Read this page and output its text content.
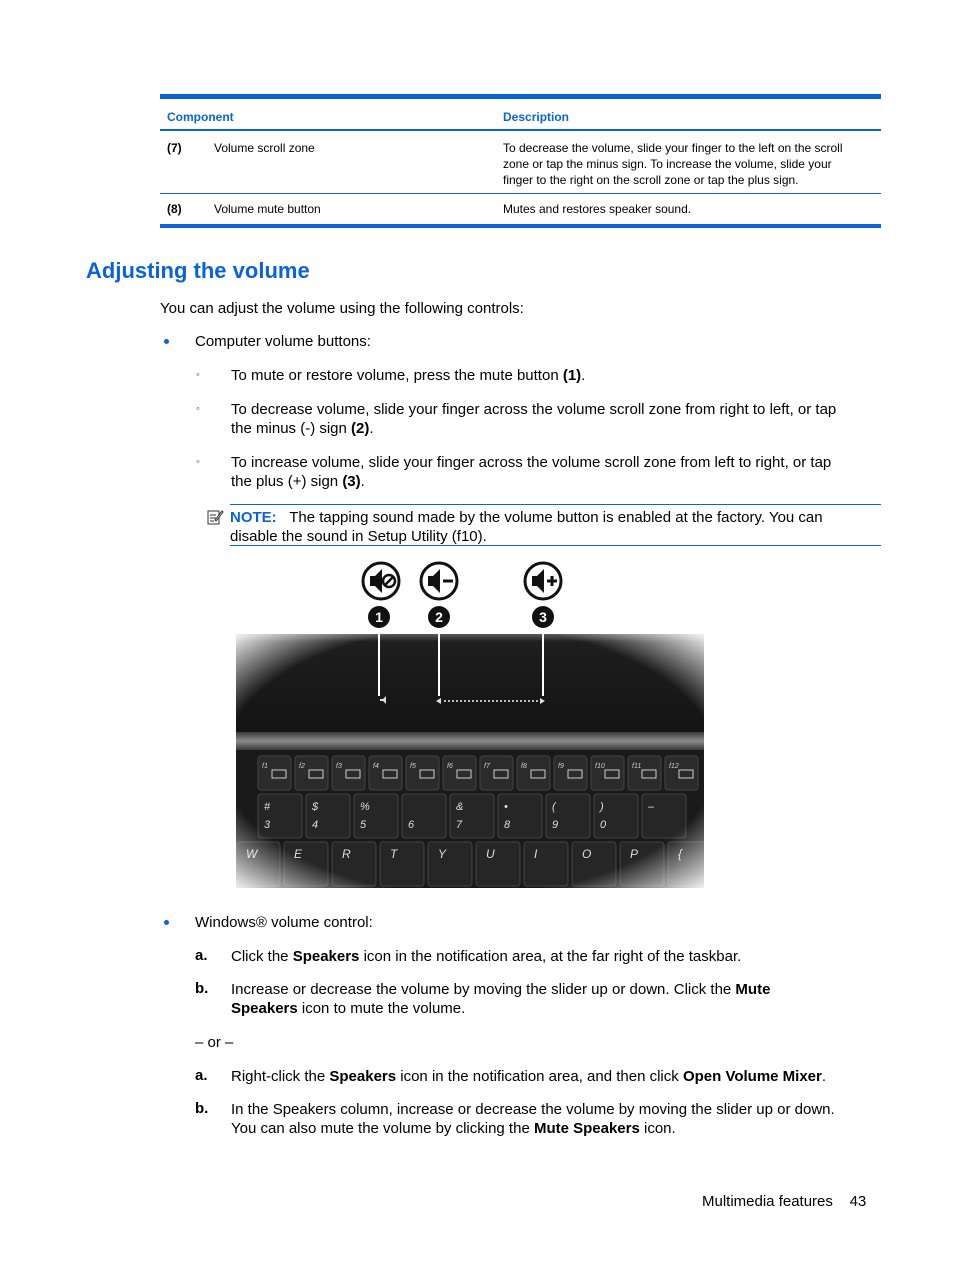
Component	Description
(7)	Volume scroll zone	To decrease the volume, slide your finger to the left on the scroll
zone or tap the minus sign. To increase the volume, slide your
finger to the right on the scroll zone or tap the plus sign.
(8)	Volume mute button	Mutes and restores speaker sound.
Adjusting the volume
You can adjust the volume using the following controls:
Computer volume buttons:
◦ To mute or restore volume, press the mute button (1).
◦ To decrease volume, slide your finger across the volume scroll zone from right to left, or tap
the minus (-) sign (2).
◦ To increase volume, slide your finger across the volume scroll zone from left to right, or tap
the plus (+) sign (3).
NOTE: The tapping sound made by the volume button is enabled at the factory. You can
disable the sound in Setup Utility (f10).
1	2	3
Windows® volume control:
a. Click the Speakers icon in the notification area, at the far right of the taskbar.
b. Increase or decrease the volume by moving the slider up or down. Click the Mute
Speakers icon to mute the volume.
– or –
a. Right-click the Speakers icon in the notification area, and then click Open Volume Mixer.
b. In the Speakers column, increase or decrease the volume by moving the slider up or down.
You can also mute the volume by clicking the Mute Speakers icon.
Multimedia features 43
